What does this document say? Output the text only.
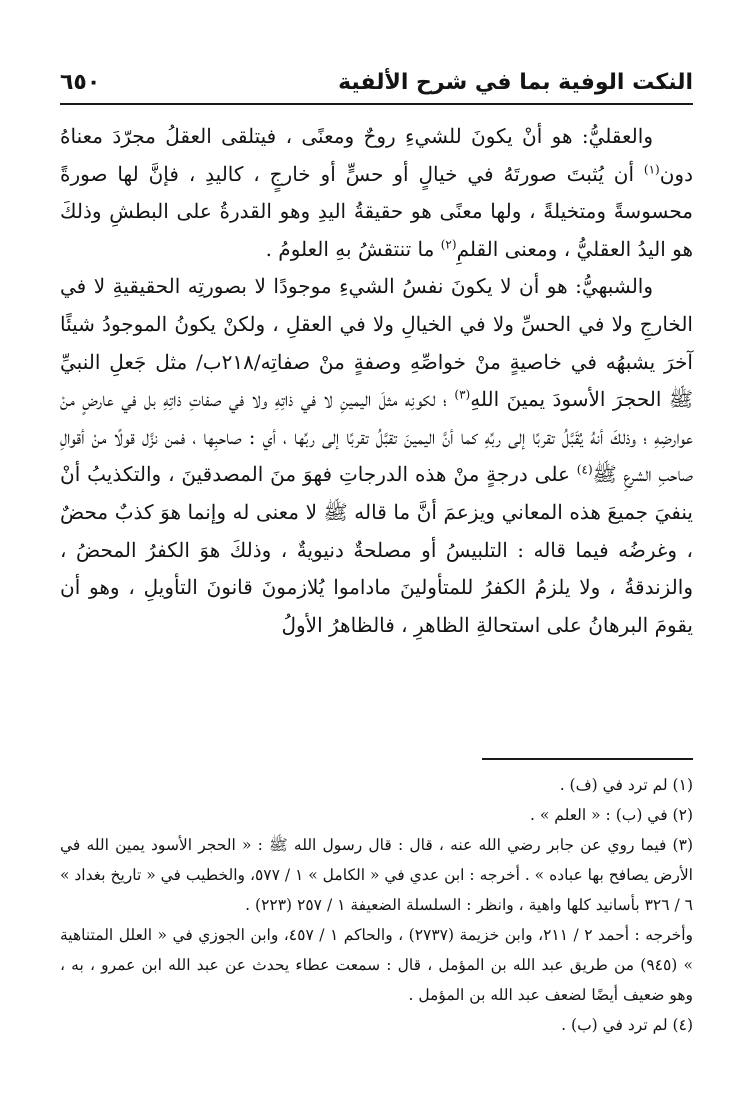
النكت الوفية بما في شرح الألفية
٦٥٠

والعقليُّ: هو أنْ يكونَ للشيءِ روحٌ ومعنًى ، فيتلقى العقلُ مجرّدَ معناهُ دون$^{(١)}$ أن يُثبتَ صورتَهُ في خيالٍ أو حسٍّ أو خارجٍ ، كاليدِ ، فإنَّ لها صورةً محسوسةً ومتخيلةً ، ولها معنًى هو حقيقةُ اليدِ وهو القدرةُ على البطشِ وذلكَ هو اليدُ العقليُّ ، ومعنى القلمِ$^{(٢)}$ ما تنتقشُ بهِ العلومُ .

والشبهيُّ: هو أن لا يكونَ نفسُ الشيءِ موجودًا لا بصورتِه الحقيقيةِ لا في الخارجِ ولا في الحسِّ ولا في الخيالِ ولا في العقلِ ، ولكنْ يكونُ الموجودُ شيئًا آخرَ يشبهُه في خاصيةٍ منْ خواصِّهِ وصفةٍ منْ صفاتِه/٢١٨ب/ مثل جَعلِ النبيِّ ﷺ الحجرَ الأسودَ يمينَ اللهِ$^{(٣)}$ ؛ لكونِه مثلَ اليمينِ لا في ذاتِهِ ولا في صفاتِ ذاتِهِ بل في عارضٍ منْ عوارضِهِ ؛ وذلكَ أنهُ يُقَبَّلُ تقربًا إلى ربِّهِ كما أنَّ اليمينَ تقبَّلُ تقربًا إلى ربِّها ، أي : صاحبِها ، فمن نزَّل قولًا منْ أقوالِ صاحبِ الشرعِ ﷺ$^{(٤)}$ على درجةٍ منْ هذه الدرجاتِ فهوَ منَ المصدقينَ ، والتكذيبُ أنْ ينفيَ جميعَ هذه المعاني ويزعمَ أنَّ ما قاله ﷺ لا معنى له وإنما هوَ كذبٌ محضٌ ، وغرضُه فيما قاله : التلبيسُ أو مصلحةٌ دنيويةٌ ، وذلكَ هوَ الكفرُ المحضُ ، والزندقةُ ، ولا يلزمُ الكفرُ للمتأولينَ ماداموا يُلازمونَ قانونَ التأويلِ ، وهو أن يقومَ البرهانُ على استحالةِ الظاهرِ ، فالظاهرُ الأولُ

(١) لم ترد في (ف) .

(٢) في (ب) : « العلم » .

(٣) فيما روي عن جابر رضي الله عنه ، قال : قال رسول الله ﷺ : « الحجر الأسود يمين الله في الأرض يصافح بها عباده » . أخرجه : ابن عدي في « الكامل » ١ / ٥٧٧، والخطيب في « تاريخ بغداد » ٦ / ٣٢٦ بأسانيد كلها واهية ، وانظر : السلسلة الضعيفة ١ / ٢٥٧ (٢٢٣) .

وأخرجه : أحمد ٢ / ٢١١، وابن خزيمة (٢٧٣٧) ، والحاكم ١ / ٤٥٧، وابن الجوزي في « العلل المتناهية » (٩٤٥) من طريق عبد الله بن المؤمل ، قال : سمعت عطاء يحدث عن عبد الله ابن عمرو ، به ، وهو ضعيف أيضًا لضعف عبد الله بن المؤمل .

(٤) لم ترد في (ب) .
